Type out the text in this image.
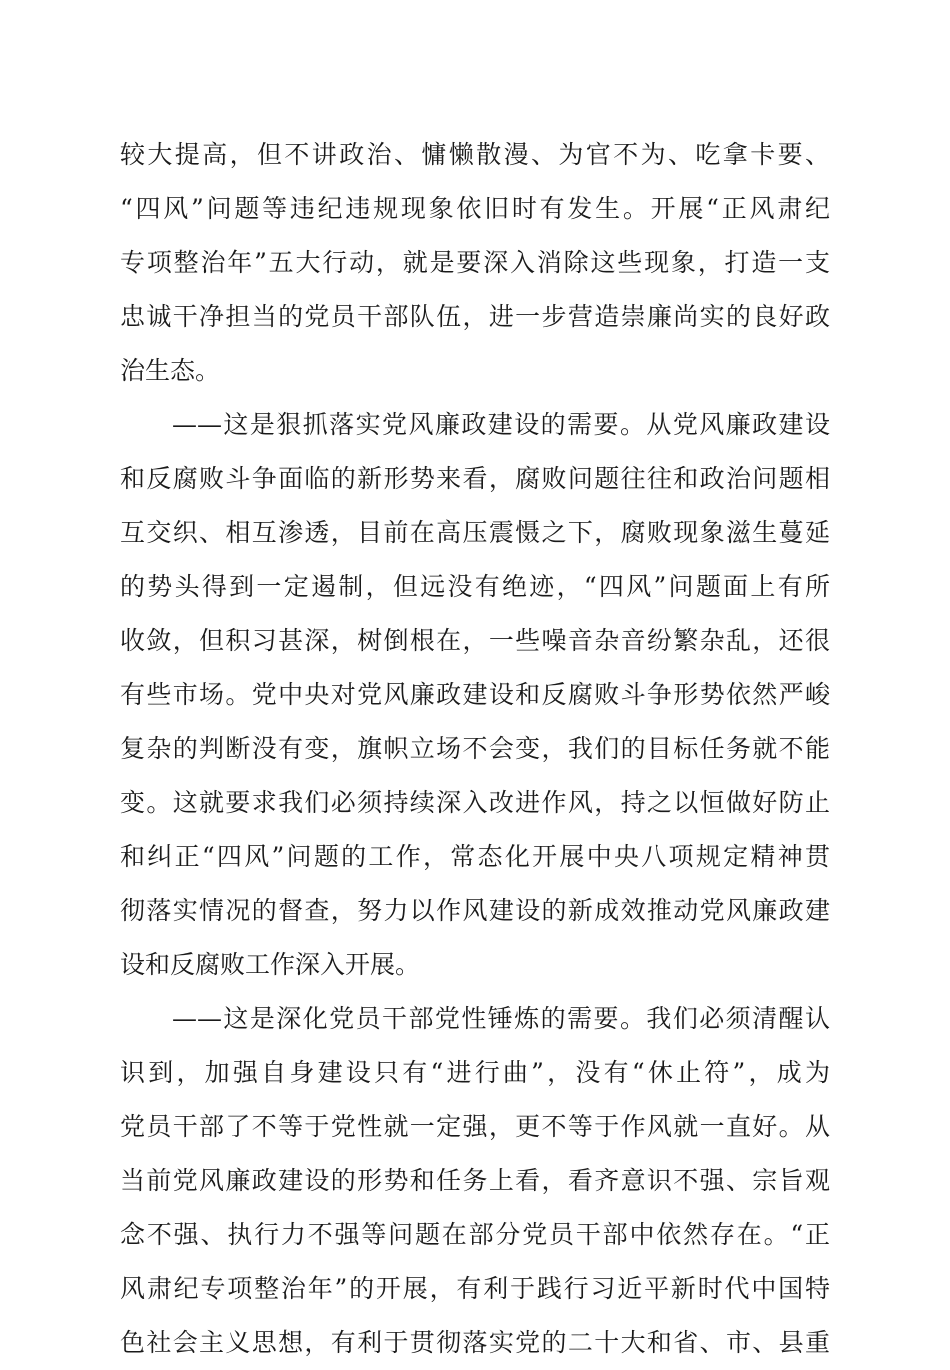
较大提高，但不讲政治、慵懒散漫、为官不为、吃拿卡要、
“四风”问题等违纪违规现象依旧时有发生。开展“正风肃纪
专项整治年”五大行动，就是要深入消除这些现象，打造一支
忠诚干净担当的党员干部队伍，进一步营造崇廉尚实的良好政
治生态。
——这是狠抓落实党风廉政建设的需要。从党风廉政建设
和反腐败斗争面临的新形势来看，腐败问题往往和政治问题相
互交织、相互渗透，目前在高压震慑之下，腐败现象滋生蔓延
的势头得到一定遏制，但远没有绝迹，“四风”问题面上有所
收敛，但积习甚深，树倒根在，一些噪音杂音纷繁杂乱，还很
有些市场。党中央对党风廉政建设和反腐败斗争形势依然严峻
复杂的判断没有变，旗帜立场不会变，我们的目标任务就不能
变。这就要求我们必须持续深入改进作风，持之以恒做好防止
和纠正“四风”问题的工作，常态化开展中央八项规定精神贯
彻落实情况的督查，努力以作风建设的新成效推动党风廉政建
设和反腐败工作深入开展。
——这是深化党员干部党性锤炼的需要。我们必须清醒认
识到，加强自身建设只有“进行曲”，没有“休止符”，成为
党员干部了不等于党性就一定强，更不等于作风就一直好。从
当前党风廉政建设的形势和任务上看，看齐意识不强、宗旨观
念不强、执行力不强等问题在部分党员干部中依然存在。“正
风肃纪专项整治年”的开展，有利于践行习近平新时代中国特
色社会主义思想，有利于贯彻落实党的二十大和省、市、县重
